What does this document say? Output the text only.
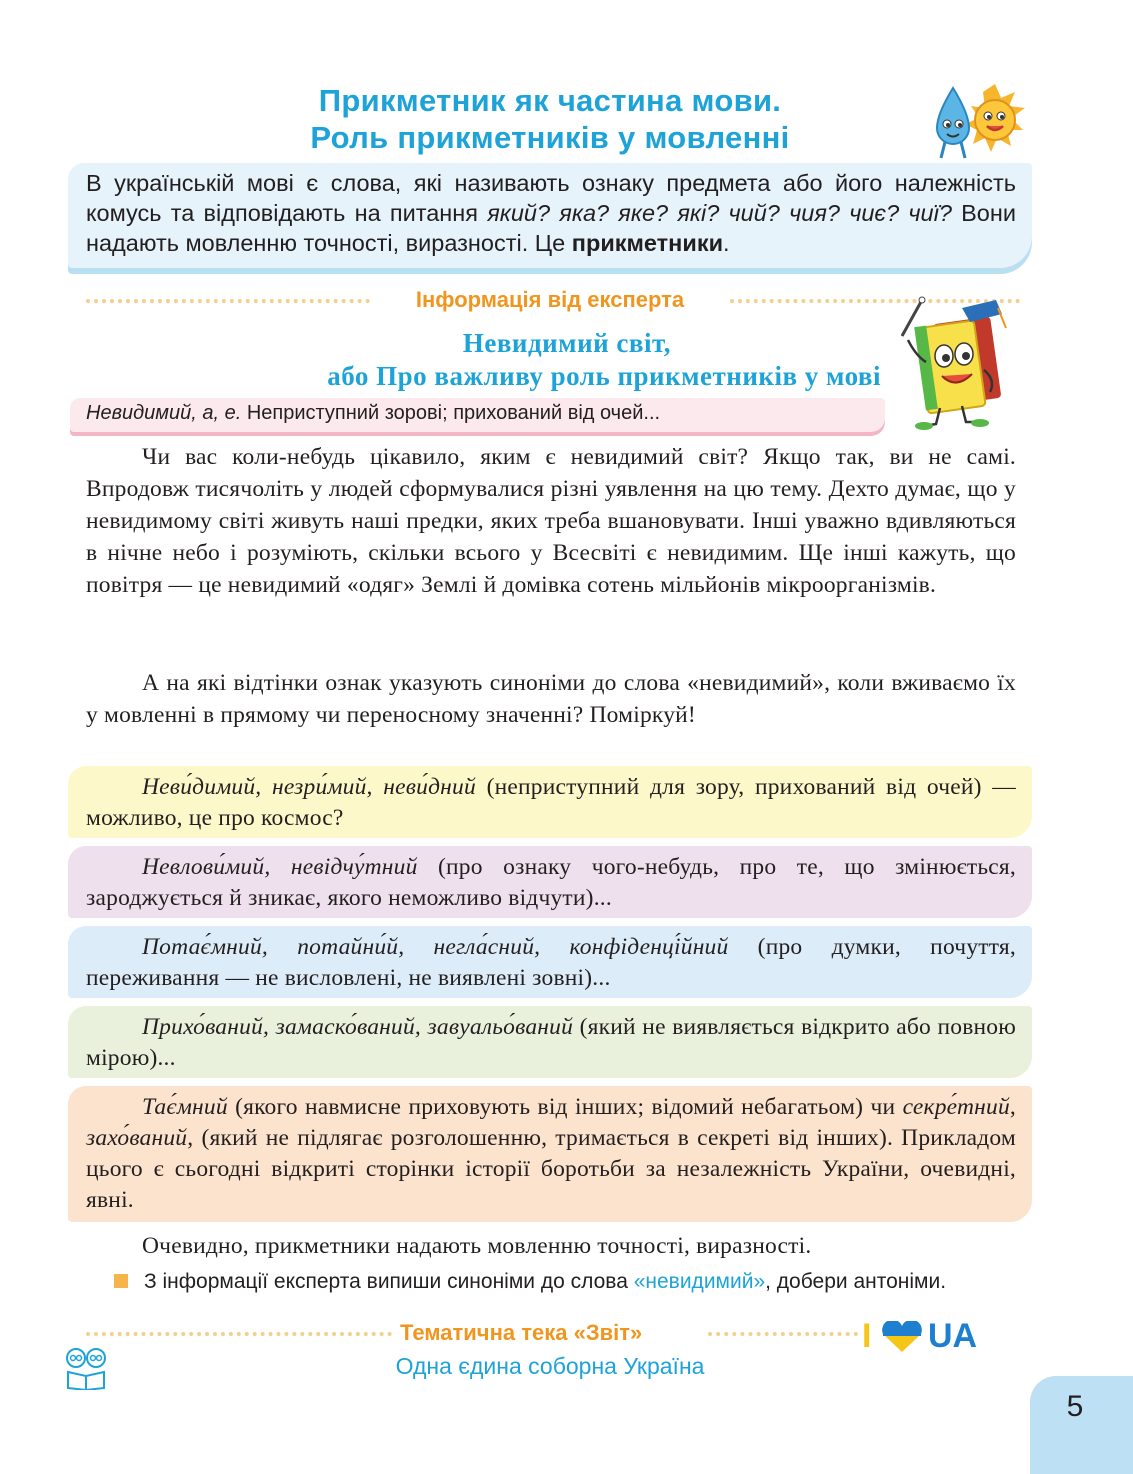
Прикметник як частина мови.
Роль прикметників у мовленні
В українській мові є слова, які називають ознаку предмета або його належність комусь та відповідають на питання який? яка? яке? які? чий? чия? чиє? чиї? Вони надають мовленню точності, виразності. Це прикметники.
Інформація від експерта
Невидимий світ,
або Про важливу роль прикметників у мові
Невидимий, а, е. Неприступний зорові; прихований від очей...
Чи вас коли-небудь цікавило, яким є невидимий світ? Якщо так, ви не самі. Впродовж тисячоліть у людей сформувалися різні уявлення на цю тему. Дехто думає, що у невидимому світі живуть наші предки, яких треба вшановувати. Інші уважно вдивляються в нічне небо і розуміють, скільки всього у Всесвіті є невидимим. Ще інші кажуть, що повітря — це невидимий «одяг» Землі й домівка сотень мільйонів мікроорганізмів.
А на які відтінки ознак указують синоніми до слова «невидимий», коли вживаємо їх у мовленні в прямому чи переносному значенні? Поміркуй!
Неви́димий, незри́мий, неви́дний (неприступний для зору, прихований від очей) — можливо, це про космос?
Невлови́мий, невідчу́тний (про ознаку чого-небудь, про те, що змінюється, зароджується й зникає, якого неможливо відчути)...
Потає́мний, потайни́й, негла́сний, конфіденці́йний (про думки, почуття, переживання — не висловлені, не виявлені зовні)...
Прихо́ваний, замаско́ваний, завуальо́ваний (який не виявляється відкрито або повною мірою)...
Тає́мний (якого навмисне приховують від інших; відомий небагатьом) чи секре́тний, захо́ваний, (який не підлягає розголошенню, тримається в секреті від інших). Прикладом цього є сьогодні відкриті сторінки історії боротьби за незалежність України, очевидні, явні.
Очевидно, прикметники надають мовленню точності, виразності.
З інформації експерта випиши синоніми до слова «невидимий», добери антоніми.
Тематична тека «Звіт»	I UA
Одна єдина соборна Україна
5
